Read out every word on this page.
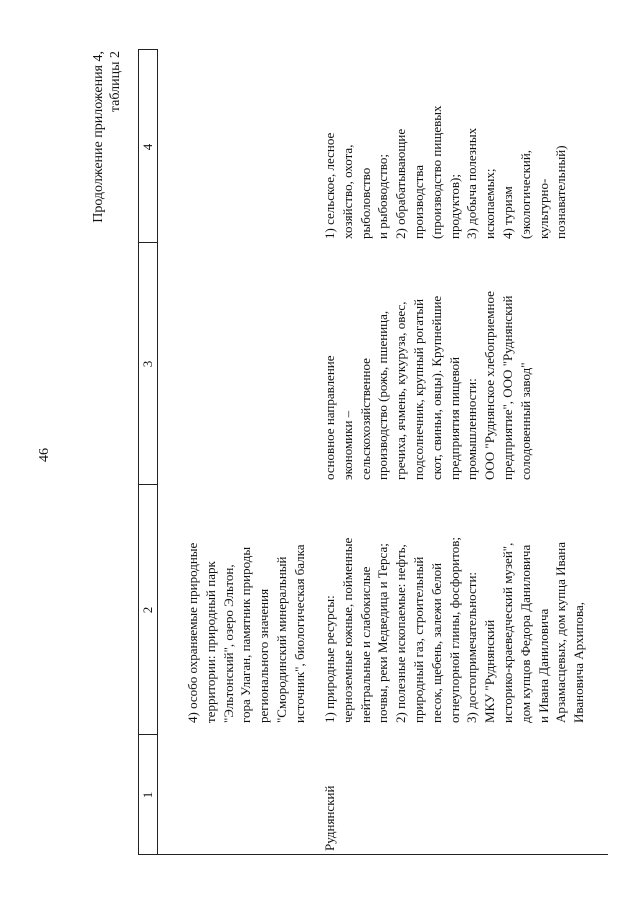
46
Продолжение приложения 4, таблицы 2
1
2
3
4
4) особо охраняемые природные
территории: природный парк
"Эльтонский", озеро Эльтон,
гора Улаган, памятник природы
регионального значения
"Смородинский минеральный
источник", биологическая балка
Руднянский
1) природные ресурсы:
черноземные южные, пойменные
нейтральные и слабокислые
почвы, реки Медведица и Терса;
2) полезные ископаемые: нефть,
природный газ, строительный
песок, щебень, залежи белой
огнеупорной глины, фосфоритов;
3) достопримечательности:
МКУ "Руднянский
историко-краеведческий музей",
дом купцов Федора Даниловича
и Ивана Даниловича
Арзамасцевых, дом купца Ивана
Ивановича Архипова,
основное направление
экономики –
сельскохозяйственное
производство (рожь, пшеница,
гречиха, ячмень, кукуруза, овес,
подсолнечник, крупный рогатый
скот, свиньи, овцы). Крупнейшие
предприятия пищевой
промышленности:
ООО "Руднянское хлебоприемное
предприятие", ООО "Руднянский
солодовенный завод"
1) сельское, лесное
хозяйство, охота,
рыболовство
и рыбоводство;
2) обрабатывающие
производства
(производство пищевых
продуктов);
3) добыча полезных
ископаемых;
4) туризм
(экологический,
культурно-
познавательный)
